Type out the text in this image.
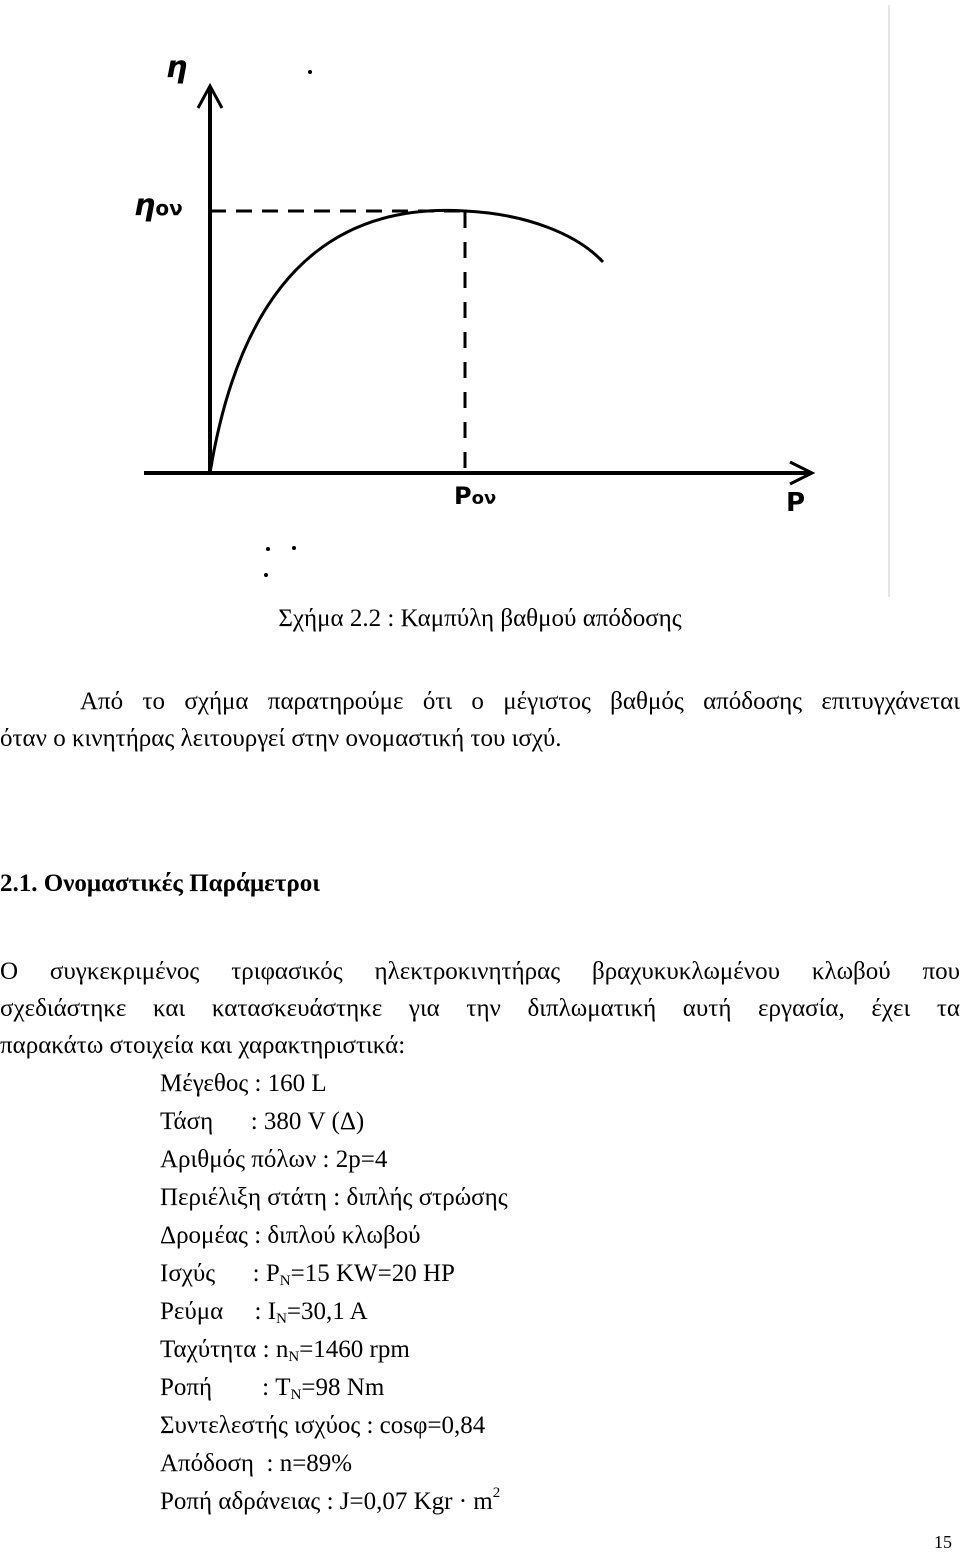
η
ηον
Pον	P
Σχήμα 2.2 : Καμπύλη βαθμού απόδοσης
Από το σχήμα παρατηρούμε ότι ο μέγιστος βαθμός απόδοσης επιτυγχάνεται
όταν ο κινητήρας λειτουργεί στην ονομαστική του ισχύ.
2.1. Ονομαστικές Παράμετροι
Ο συγκεκριμένος τριφασικός ηλεκτροκινητήρας βραχυκυκλωμένου κλωβού που
σχεδιάστηκε και κατασκευάστηκε για την διπλωματική αυτή εργασία, έχει τα
παρακάτω στοιχεία και χαρακτηριστικά:
Μέγεθος : 160 L
Τάση      : 380 V (Δ)
Αριθμός πόλων : 2p=4
Περιέλιξη στάτη : διπλής στρώσης
Δρομέας : διπλού κλωβού
Ισχύς      : $P_N=15$ KW=20 HP
Ρεύμα     : $I_N=30,1$ A
Ταχύτητα : $n_N=1460$ rpm
Ροπή        : $T_N=98$ Nm
Συντελεστής ισχύος : cosφ=0,84
Απόδοση  : n=89%
Ροπή αδράνειας : J=0,07 Kgr · $m^2$
15
